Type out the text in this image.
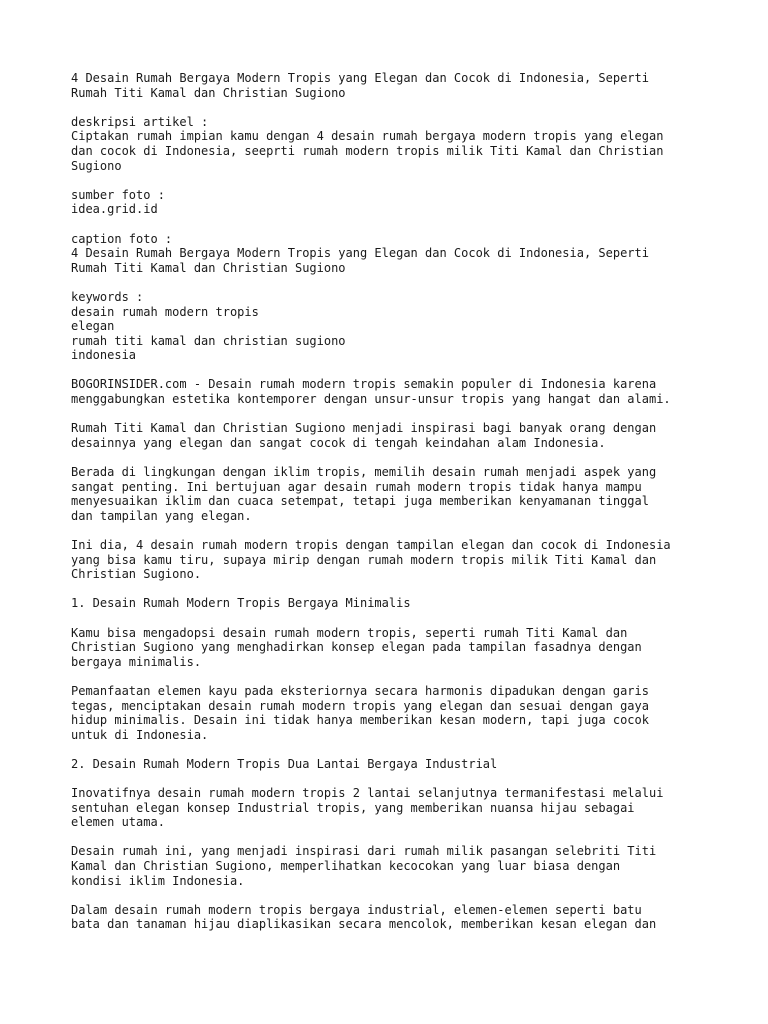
4 Desain Rumah Bergaya Modern Tropis yang Elegan dan Cocok di Indonesia, Seperti
Rumah Titi Kamal dan Christian Sugiono
deskripsi artikel :
Ciptakan rumah impian kamu dengan 4 desain rumah bergaya modern tropis yang elegan
dan cocok di Indonesia, seeprti rumah modern tropis milik Titi Kamal dan Christian
Sugiono
sumber foto :
idea.grid.id
caption foto :
4 Desain Rumah Bergaya Modern Tropis yang Elegan dan Cocok di Indonesia, Seperti
Rumah Titi Kamal dan Christian Sugiono
keywords :
desain rumah modern tropis
elegan
rumah titi kamal dan christian sugiono
indonesia
BOGORINSIDER.com - Desain rumah modern tropis semakin populer di Indonesia karena
menggabungkan estetika kontemporer dengan unsur-unsur tropis yang hangat dan alami.
Rumah Titi Kamal dan Christian Sugiono menjadi inspirasi bagi banyak orang dengan
desainnya yang elegan dan sangat cocok di tengah keindahan alam Indonesia.
Berada di lingkungan dengan iklim tropis, memilih desain rumah menjadi aspek yang
sangat penting. Ini bertujuan agar desain rumah modern tropis tidak hanya mampu
menyesuaikan iklim dan cuaca setempat, tetapi juga memberikan kenyamanan tinggal
dan tampilan yang elegan.
Ini dia, 4 desain rumah modern tropis dengan tampilan elegan dan cocok di Indonesia
yang bisa kamu tiru, supaya mirip dengan rumah modern tropis milik Titi Kamal dan
Christian Sugiono.
1. Desain Rumah Modern Tropis Bergaya Minimalis
Kamu bisa mengadopsi desain rumah modern tropis, seperti rumah Titi Kamal dan
Christian Sugiono yang menghadirkan konsep elegan pada tampilan fasadnya dengan
bergaya minimalis.
Pemanfaatan elemen kayu pada eksteriornya secara harmonis dipadukan dengan garis
tegas, menciptakan desain rumah modern tropis yang elegan dan sesuai dengan gaya
hidup minimalis. Desain ini tidak hanya memberikan kesan modern, tapi juga cocok
untuk di Indonesia.
2. Desain Rumah Modern Tropis Dua Lantai Bergaya Industrial
Inovatifnya desain rumah modern tropis 2 lantai selanjutnya termanifestasi melalui
sentuhan elegan konsep Industrial tropis, yang memberikan nuansa hijau sebagai
elemen utama.
Desain rumah ini, yang menjadi inspirasi dari rumah milik pasangan selebriti Titi
Kamal dan Christian Sugiono, memperlihatkan kecocokan yang luar biasa dengan
kondisi iklim Indonesia.
Dalam desain rumah modern tropis bergaya industrial, elemen-elemen seperti batu
bata dan tanaman hijau diaplikasikan secara mencolok, memberikan kesan elegan dan
